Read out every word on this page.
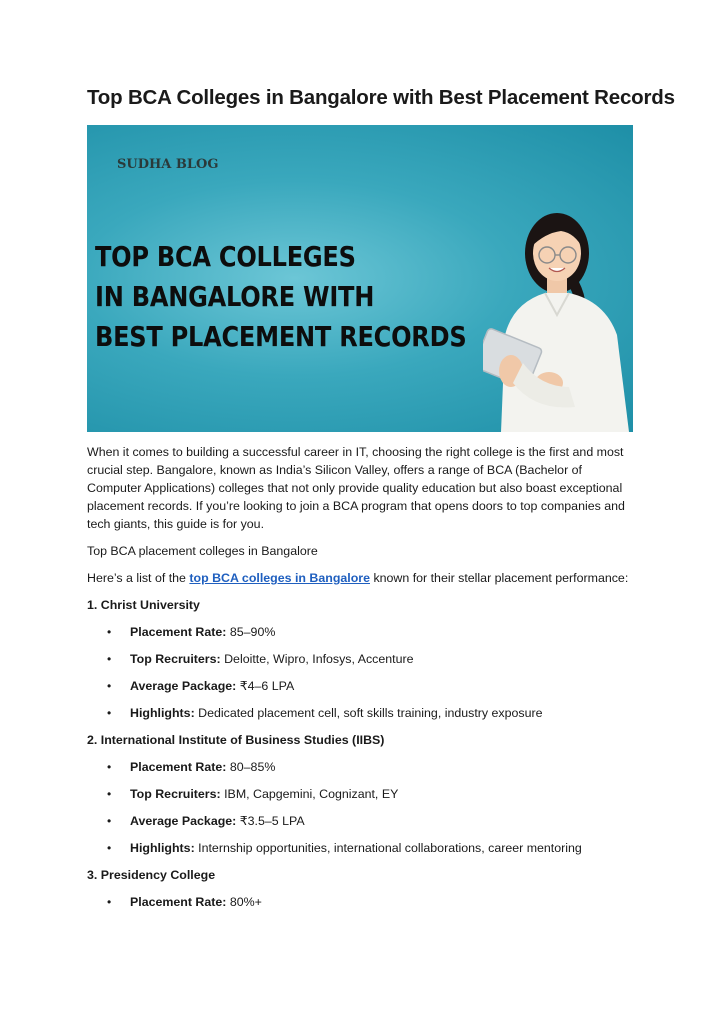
Top BCA Colleges in Bangalore with Best Placement Records
SUDHA BLOG
TOP BCA COLLEGES
IN BANGALORE WITH
BEST PLACEMENT RECORDS

When it comes to building a successful career in IT, choosing the right college is the first and most crucial step. Bangalore, known as India’s Silicon Valley, offers a range of BCA (Bachelor of Computer Applications) colleges that not only provide quality education but also boast exceptional placement records. If you’re looking to join a BCA program that opens doors to top companies and tech giants, this guide is for you.

Top BCA placement colleges in Bangalore

Here’s a list of the top BCA colleges in Bangalore known for their stellar placement performance:

1. Christ University

• Placement Rate: 85–90%
• Top Recruiters: Deloitte, Wipro, Infosys, Accenture
• Average Package: ₹4–6 LPA
• Highlights: Dedicated placement cell, soft skills training, industry exposure

2. International Institute of Business Studies (IIBS)

• Placement Rate: 80–85%
• Top Recruiters: IBM, Capgemini, Cognizant, EY
• Average Package: ₹3.5–5 LPA
• Highlights: Internship opportunities, international collaborations, career mentoring

3. Presidency College

• Placement Rate: 80%+
